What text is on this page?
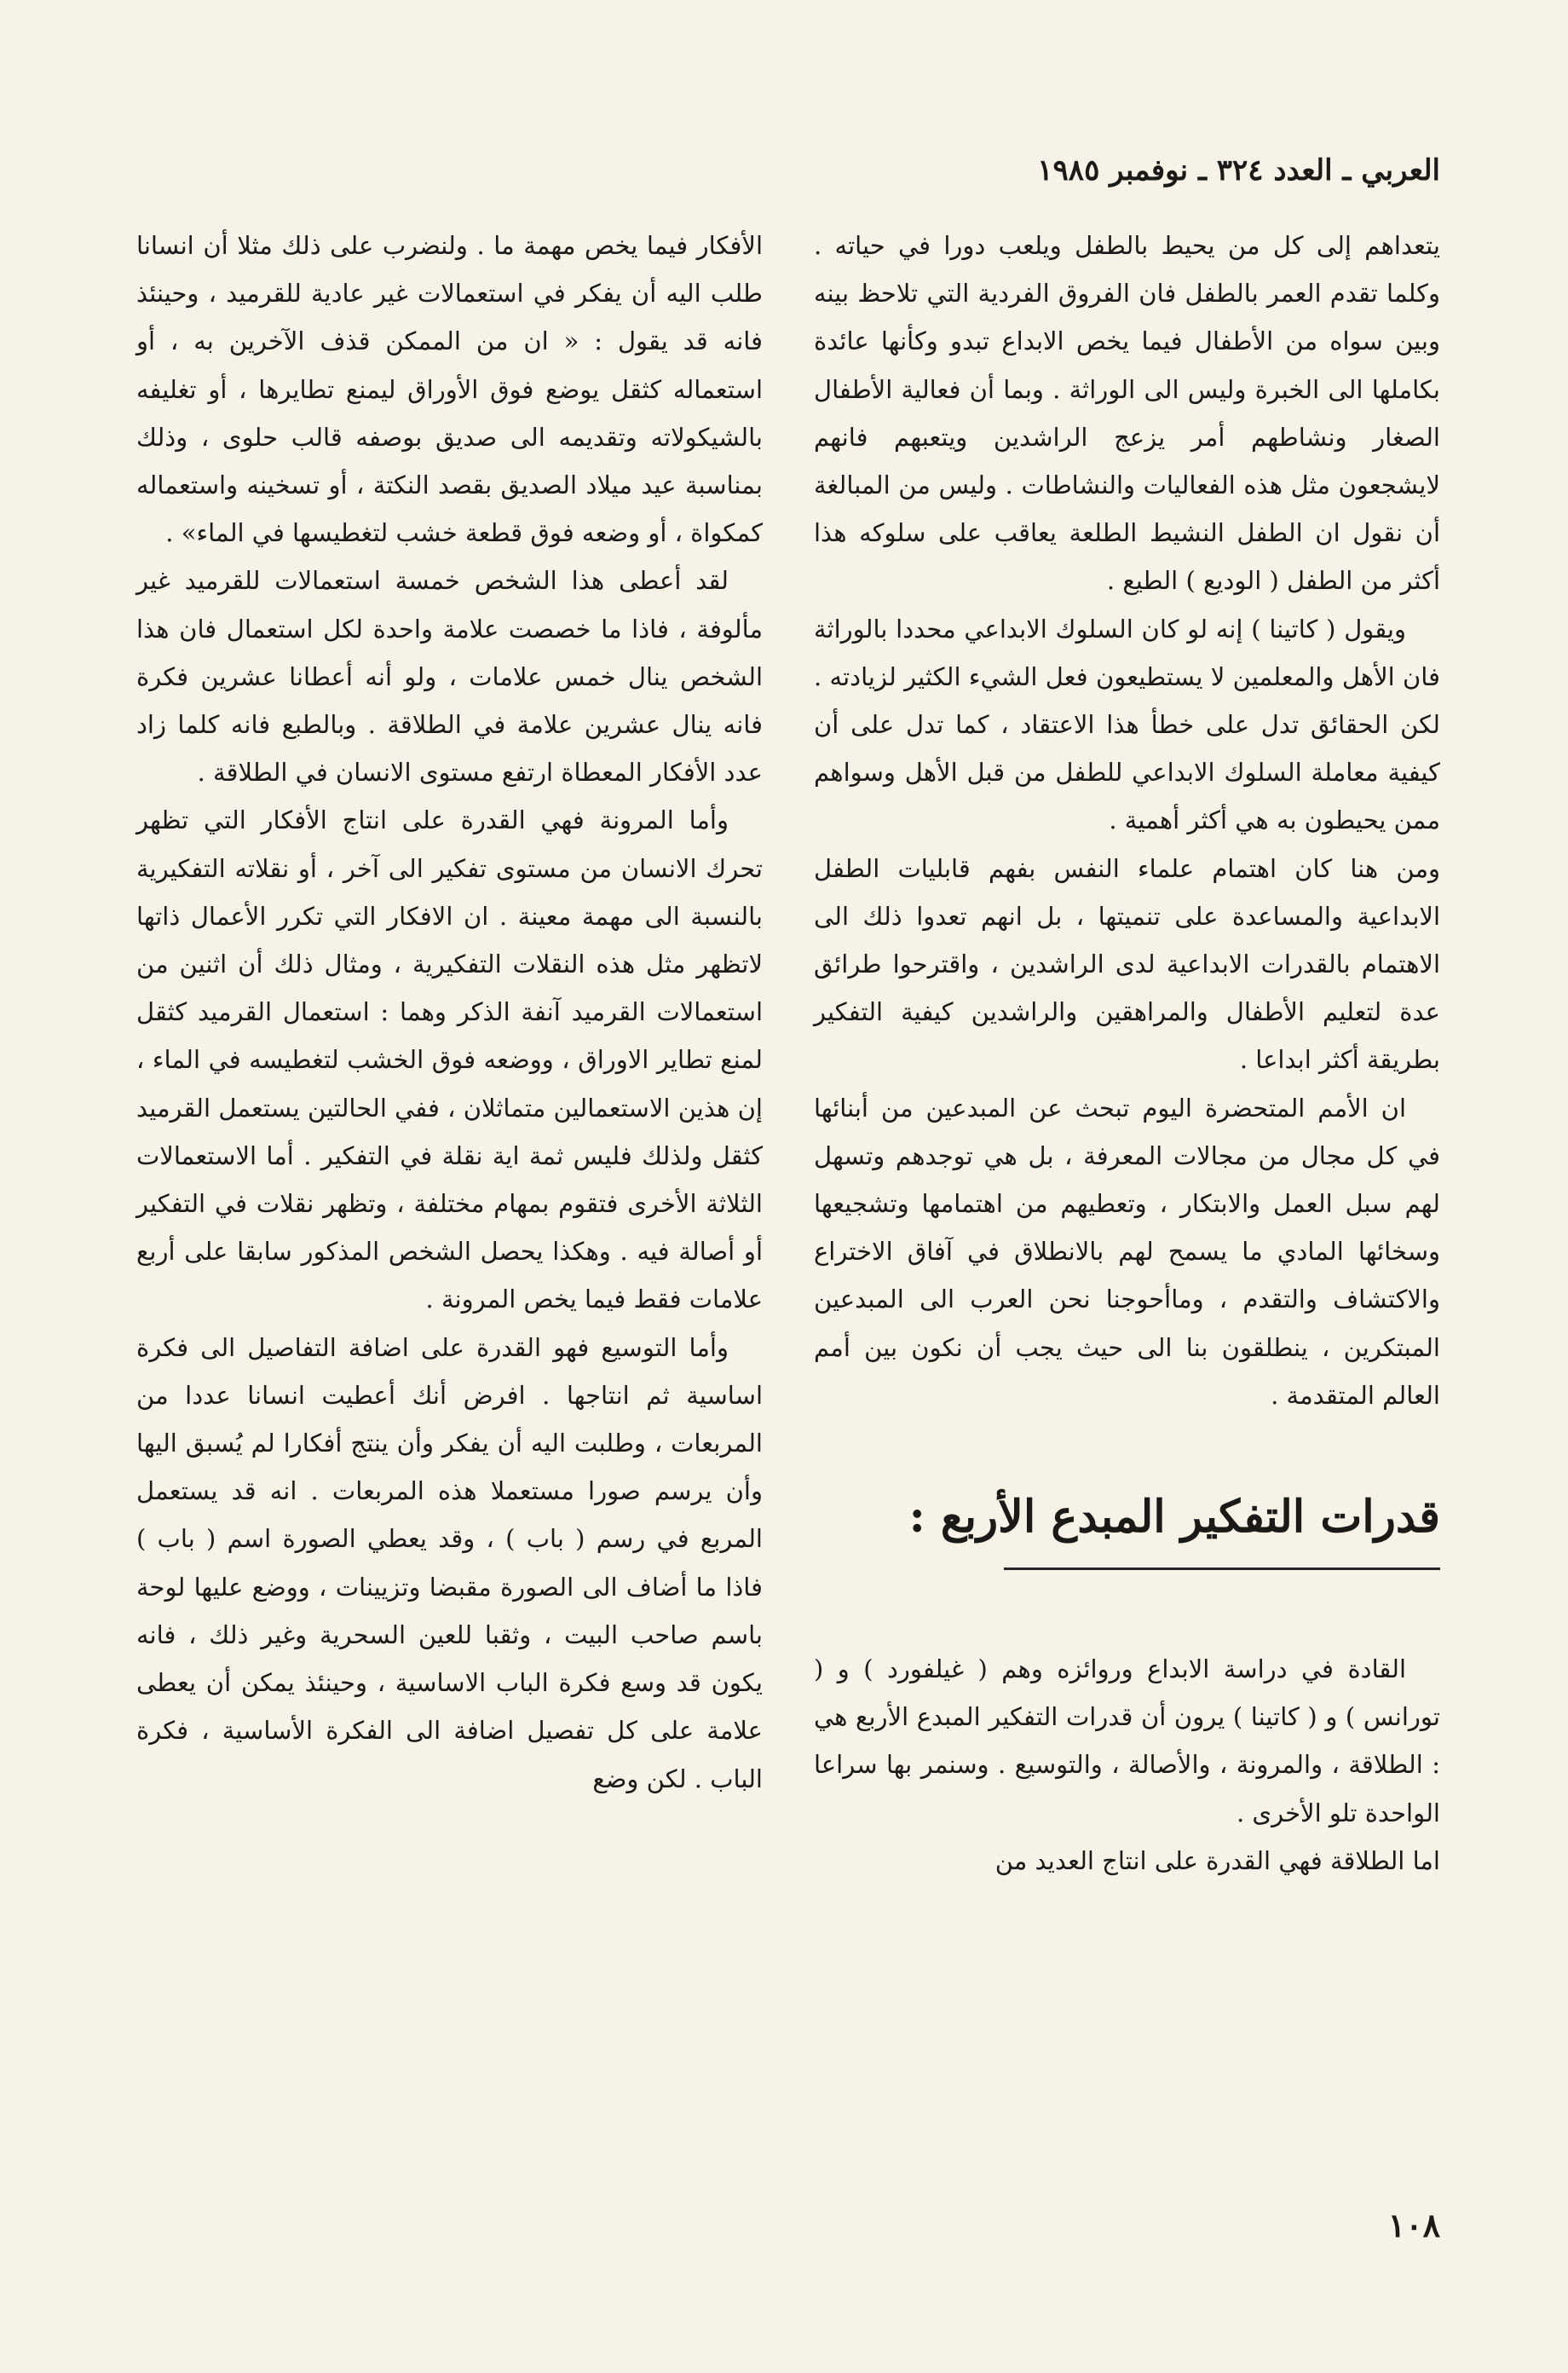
العربي ـ العدد ٣٢٤ ـ نوفمبر ١٩٨٥

يتعداهم إلى كل من يحيط بالطفل ويلعب دورا في حياته . وكلما تقدم العمر بالطفل فان الفروق الفردية التي تلاحظ بينه وبين سواه من الأطفال فيما يخص الابداع تبدو وكأنها عائدة بكاملها الى الخبرة وليس الى الوراثة . وبما أن فعالية الأطفال الصغار ونشاطهم أمر يزعج الراشدين ويتعبهم فانهم لايشجعون مثل هذه الفعاليات والنشاطات . وليس من المبالغة أن نقول ان الطفل النشيط الطلعة يعاقب على سلوكه هذا أكثر من الطفل ( الوديع ) الطيع .

ويقول ( كاتينا ) إنه لو كان السلوك الابداعي محددا بالوراثة فان الأهل والمعلمين لا يستطيعون فعل الشيء الكثير لزيادته . لكن الحقائق تدل على خطأ هذا الاعتقاد ، كما تدل على أن كيفية معاملة السلوك الابداعي للطفل من قبل الأهل وسواهم ممن يحيطون به هي أكثر أهمية .

ومن هنا كان اهتمام علماء النفس بفهم قابليات الطفل الابداعية والمساعدة على تنميتها ، بل انهم تعدوا ذلك الى الاهتمام بالقدرات الابداعية لدى الراشدين ، واقترحوا طرائق عدة لتعليم الأطفال والمراهقين والراشدين كيفية التفكير بطريقة أكثر ابداعا .

ان الأمم المتحضرة اليوم تبحث عن المبدعين من أبنائها في كل مجال من مجالات المعرفة ، بل هي توجدهم وتسهل لهم سبل العمل والابتكار ، وتعطيهم من اهتمامها وتشجيعها وسخائها المادي ما يسمح لهم بالانطلاق في آفاق الاختراع والاكتشاف والتقدم ، وماأحوجنا نحن العرب الى المبدعين المبتكرين ، ينطلقون بنا الى حيث يجب أن نكون بين أمم العالم المتقدمة .

قدرات التفكير المبدع الأربع :

القادة في دراسة الابداع وروائزه وهم ( غيلفورد ) و ( تورانس ) و ( كاتينا ) يرون أن قدرات التفكير المبدع الأربع هي : الطلاقة ، والمرونة ، والأصالة ، والتوسيع . وسنمر بها سراعا الواحدة تلو الأخرى .

اما الطلاقة فهي القدرة على انتاج العديد من

الأفكار فيما يخص مهمة ما . ولنضرب على ذلك مثلا أن انسانا طلب اليه أن يفكر في استعمالات غير عادية للقرميد ، وحينئذ فانه قد يقول : « ان من الممكن قذف الآخرين به ، أو استعماله كثقل يوضع فوق الأوراق ليمنع تطايرها ، أو تغليفه بالشيكولاته وتقديمه الى صديق بوصفه قالب حلوى ، وذلك بمناسبة عيد ميلاد الصديق بقصد النكتة ، أو تسخينه واستعماله كمكواة ، أو وضعه فوق قطعة خشب لتغطيسها في الماء» .

لقد أعطى هذا الشخص خمسة استعمالات للقرميد غير مألوفة ، فاذا ما خصصت علامة واحدة لكل استعمال فان هذا الشخص ينال خمس علامات ، ولو أنه أعطانا عشرين فكرة فانه ينال عشرين علامة في الطلاقة . وبالطبع فانه كلما زاد عدد الأفكار المعطاة ارتفع مستوى الانسان في الطلاقة .

وأما المرونة فهي القدرة على انتاج الأفكار التي تظهر تحرك الانسان من مستوى تفكير الى آخر ، أو نقلاته التفكيرية بالنسبة الى مهمة معينة . ان الافكار التي تكرر الأعمال ذاتها لاتظهر مثل هذه النقلات التفكيرية ، ومثال ذلك أن اثنين من استعمالات القرميد آنفة الذكر وهما : استعمال القرميد كثقل لمنع تطاير الاوراق ، ووضعه فوق الخشب لتغطيسه في الماء ، إن هذين الاستعمالين متماثلان ، ففي الحالتين يستعمل القرميد كثقل ولذلك فليس ثمة اية نقلة في التفكير . أما الاستعمالات الثلاثة الأخرى فتقوم بمهام مختلفة ، وتظهر نقلات في التفكير أو أصالة فيه . وهكذا يحصل الشخص المذكور سابقا على أربع علامات فقط فيما يخص المرونة .

وأما التوسيع فهو القدرة على اضافة التفاصيل الى فكرة اساسية ثم انتاجها . افرض أنك أعطيت انسانا عددا من المربعات ، وطلبت اليه أن يفكر وأن ينتج أفكارا لم يُسبق اليها وأن يرسم صورا مستعملا هذه المربعات . انه قد يستعمل المربع في رسم ( باب ) ، وقد يعطي الصورة اسم ( باب ) فاذا ما أضاف الى الصورة مقبضا وتزيينات ، ووضع عليها لوحة باسم صاحب البيت ، وثقبا للعين السحرية وغير ذلك ، فانه يكون قد وسع فكرة الباب الاساسية ، وحينئذ يمكن أن يعطى علامة على كل تفصيل اضافة الى الفكرة الأساسية ، فكرة الباب . لكن وضع

١٠٨
